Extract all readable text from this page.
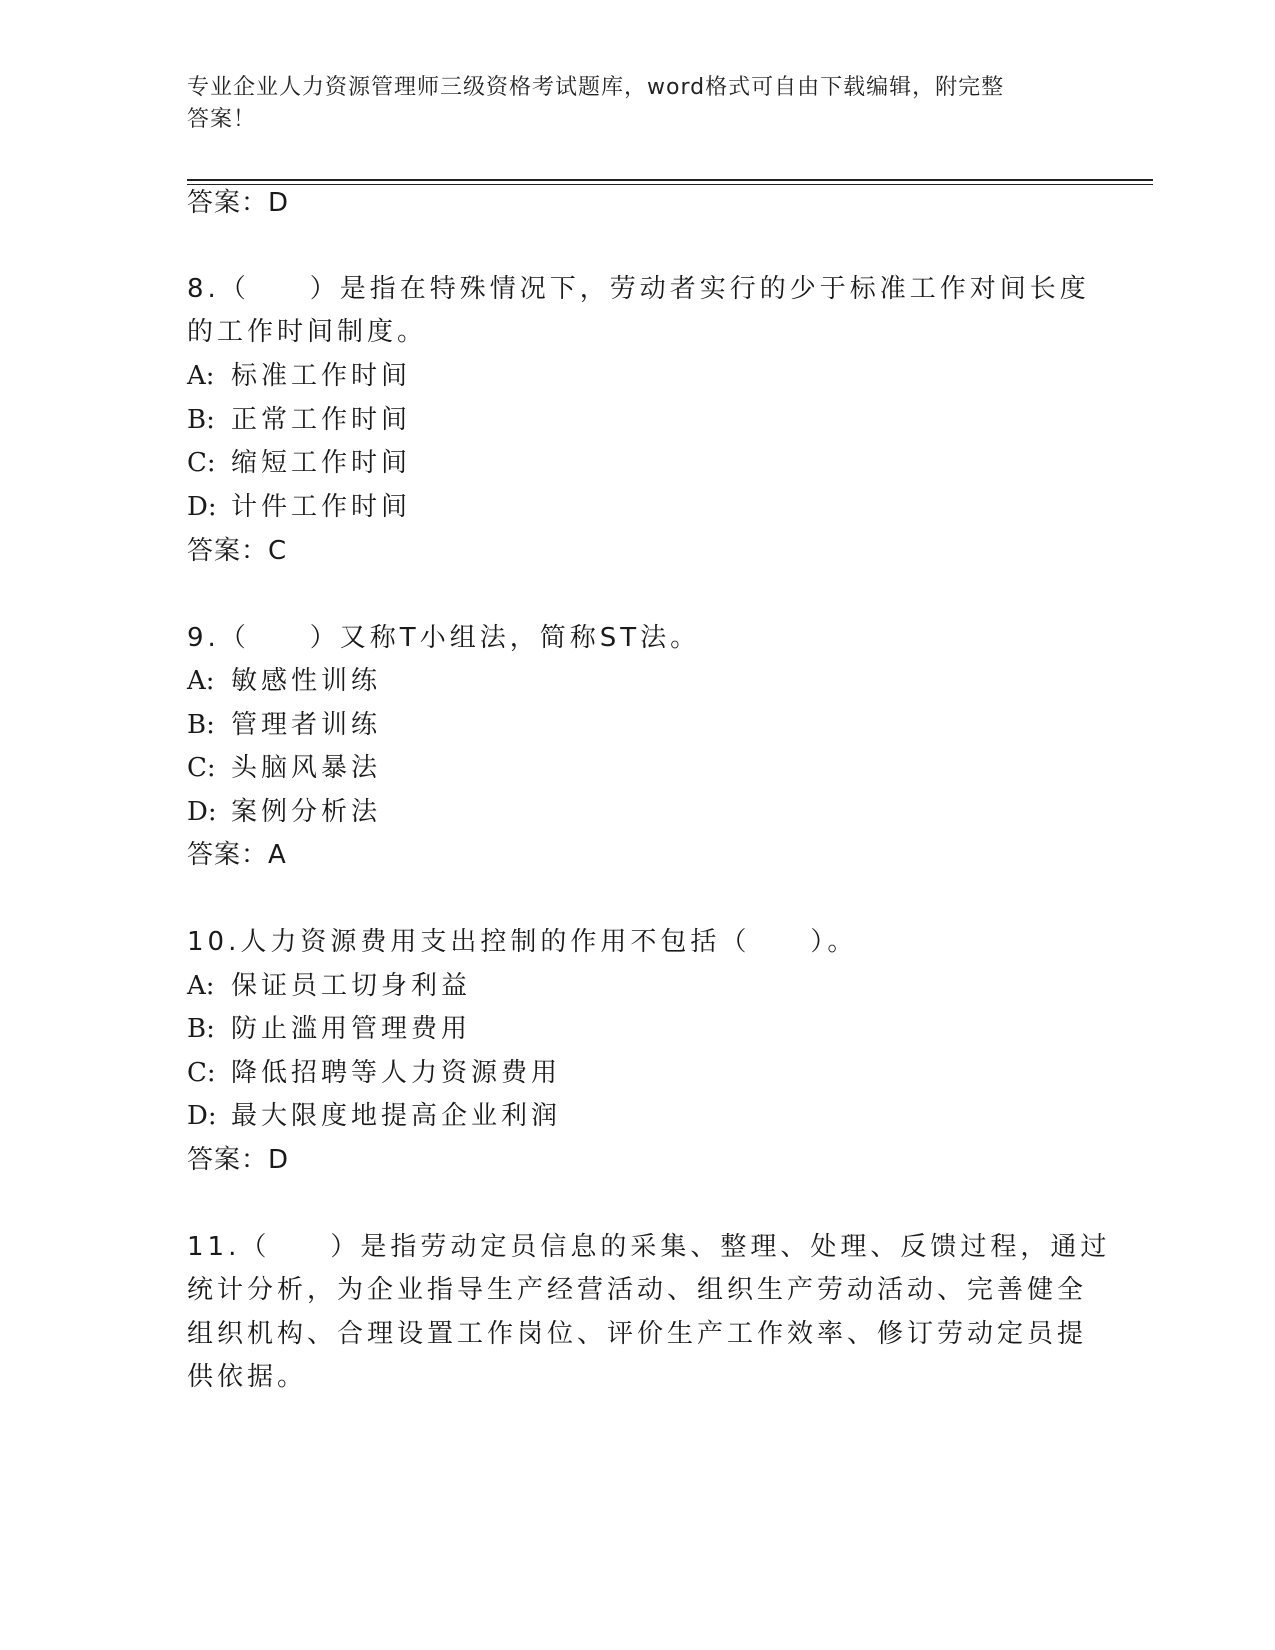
专业企业人力资源管理师三级资格考试题库，word格式可自由下载编辑，附完整
答案！
答案：D
8.（　　）是指在特殊情况下，劳动者实行的少于标准工作对间长度
的工作时间制度。
A: 标准工作时间
B: 正常工作时间
C: 缩短工作时间
D: 计件工作时间
答案：C
9.（　　）又称T小组法，简称ST法。
A: 敏感性训练
B: 管理者训练
C: 头脑风暴法
D: 案例分析法
答案：A
10.人力资源费用支出控制的作用不包括（　　）。
A: 保证员工切身利益
B: 防止滥用管理费用
C: 降低招聘等人力资源费用
D: 最大限度地提高企业利润
答案：D
11.（　　）是指劳动定员信息的采集、整理、处理、反馈过程，通过
统计分析，为企业指导生产经营活动、组织生产劳动活动、完善健全
组织机构、合理设置工作岗位、评价生产工作效率、修订劳动定员提
供依据。
